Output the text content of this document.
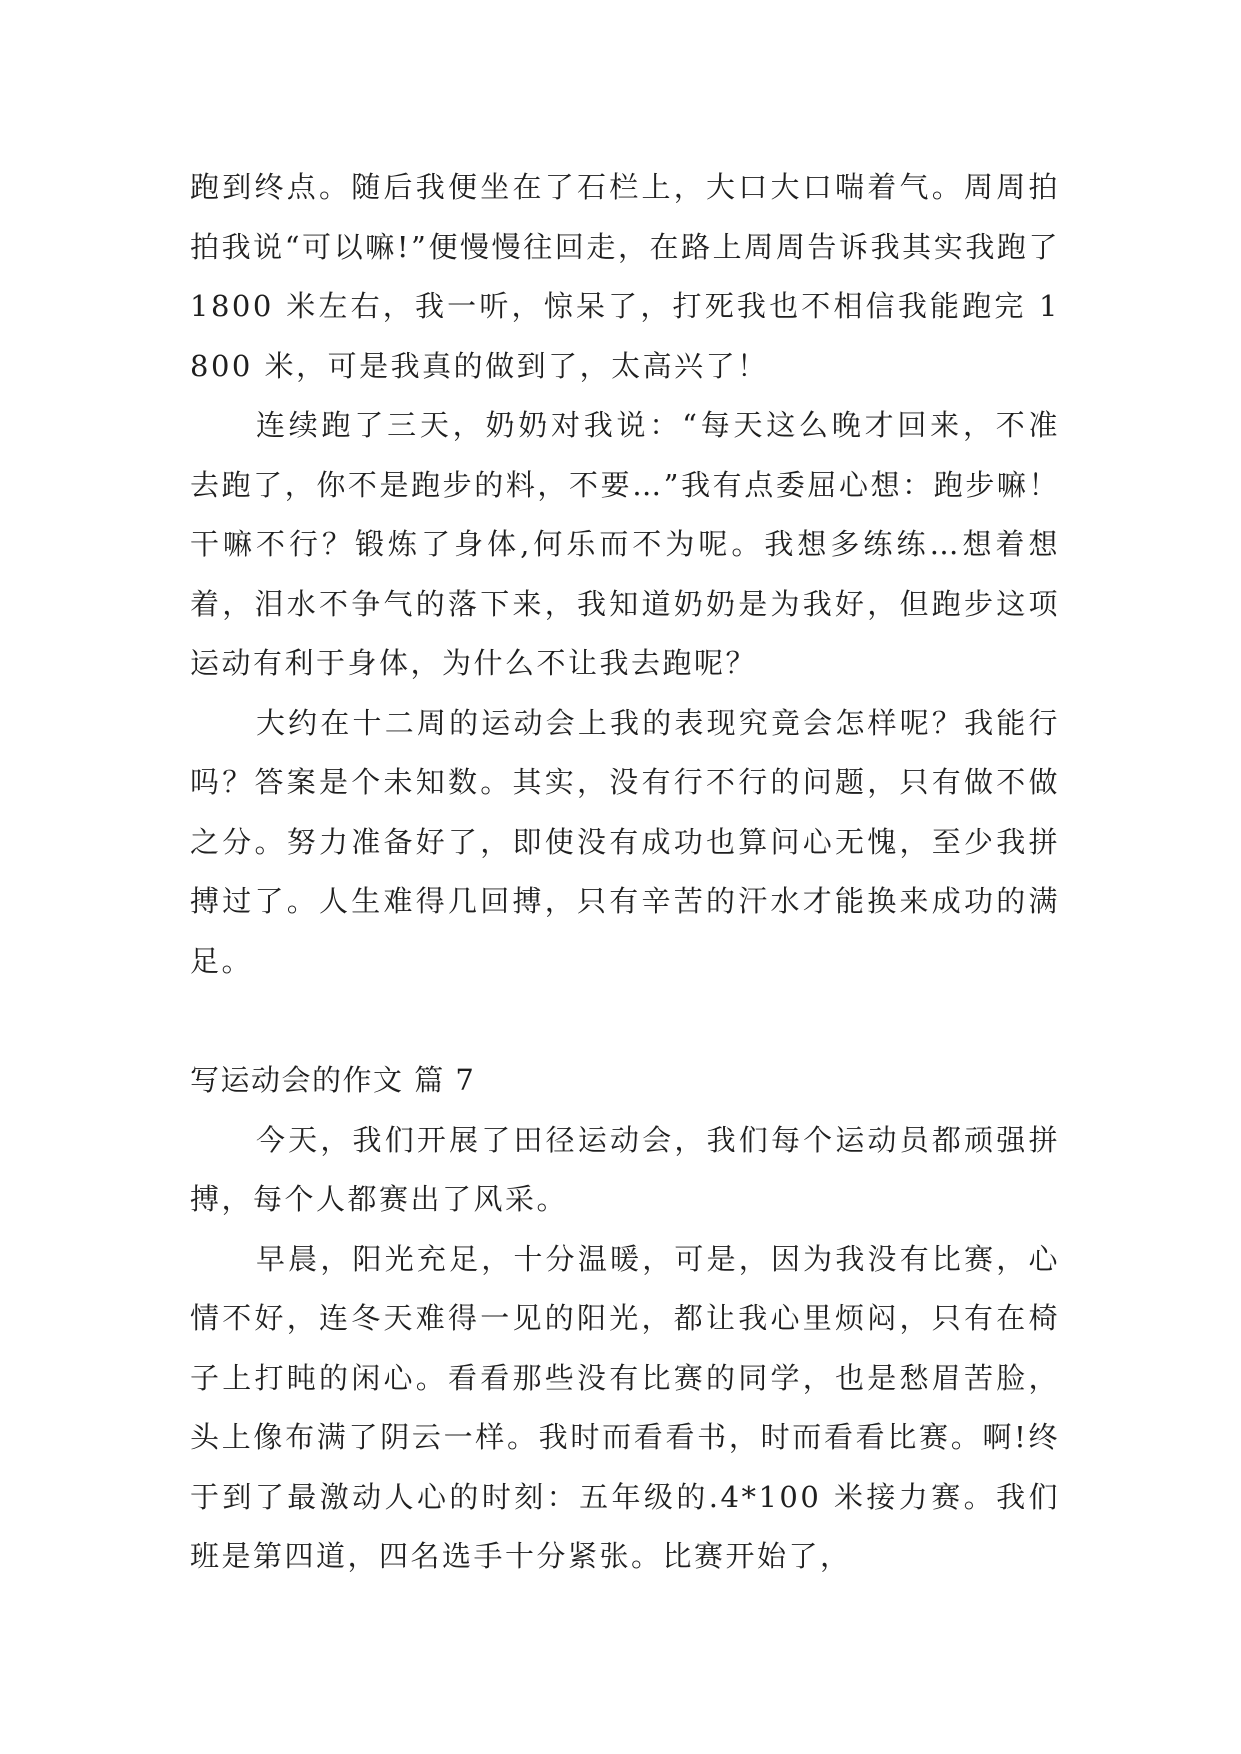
跑到终点。随后我便坐在了石栏上，大口大口喘着气。周周拍拍我说“可以嘛!”便慢慢往回走，在路上周周告诉我其实我跑了 1800 米左右，我一听，惊呆了，打死我也不相信我能跑完 1800 米，可是我真的做到了，太高兴了！

连续跑了三天，奶奶对我说：“每天这么晚才回来，不准去跑了，你不是跑步的料，不要…”我有点委屈心想：跑步嘛！干嘛不行？锻炼了身体,何乐而不为呢。我想多练练…想着想着，泪水不争气的落下来，我知道奶奶是为我好，但跑步这项运动有利于身体，为什么不让我去跑呢？

大约在十二周的运动会上我的表现究竟会怎样呢？我能行吗？答案是个未知数。其实，没有行不行的问题，只有做不做之分。努力准备好了，即使没有成功也算问心无愧，至少我拼搏过了。人生难得几回搏，只有辛苦的汗水才能换来成功的满足。

写运动会的作文 篇 7

今天，我们开展了田径运动会，我们每个运动员都顽强拼搏，每个人都赛出了风采。

早晨，阳光充足，十分温暖，可是，因为我没有比赛，心情不好，连冬天难得一见的阳光，都让我心里烦闷，只有在椅子上打盹的闲心。看看那些没有比赛的同学，也是愁眉苦脸，头上像布满了阴云一样。我时而看看书，时而看看比赛。啊!终于到了最激动人心的时刻：五年级的.4*100 米接力赛。我们班是第四道，四名选手十分紧张。比赛开始了，
